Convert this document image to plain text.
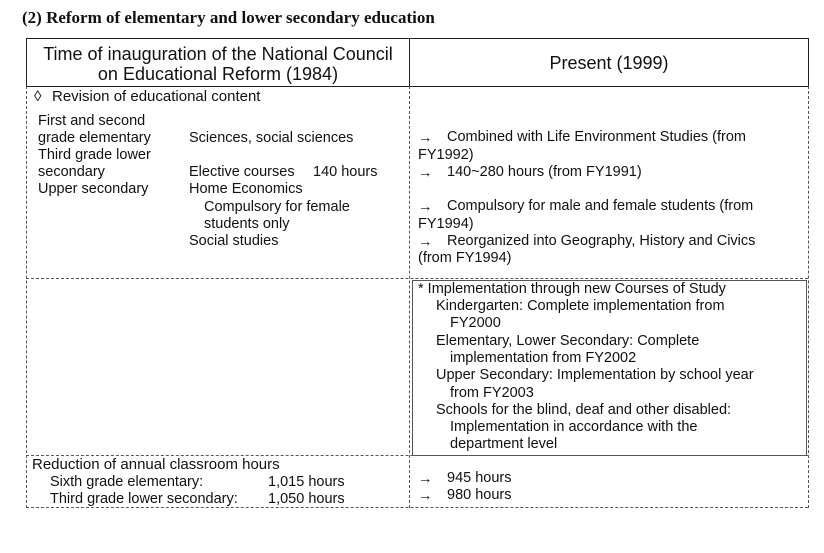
(2) Reform of elementary and lower secondary education
Time of inauguration of the National Council
on Educational Reform (1984)
Present (1999)
◊ Revision of educational content
First and second
grade elementary
Third grade lower
secondary
Upper secondary
Sciences, social sciences
Elective courses 140 hours
Home Economics
Compulsory for female
students only
Social studies
→ Combined with Life Environment Studies (from
FY1992)
→ 140~280 hours (from FY1991)
→ Compulsory for male and female students (from
FY1994)
→ Reorganized into Geography, History and Civics
(from FY1994)
* Implementation through new Courses of Study
Kindergarten: Complete implementation from
FY2000
Elementary, Lower Secondary: Complete
implementation from FY2002
Upper Secondary: Implementation by school year
from FY2003
Schools for the blind, deaf and other disabled:
Implementation in accordance with the
department level
Reduction of annual classroom hours
Sixth grade elementary:	1,015 hours
Third grade lower secondary: 1,050 hours
→ 945 hours
→ 980 hours
